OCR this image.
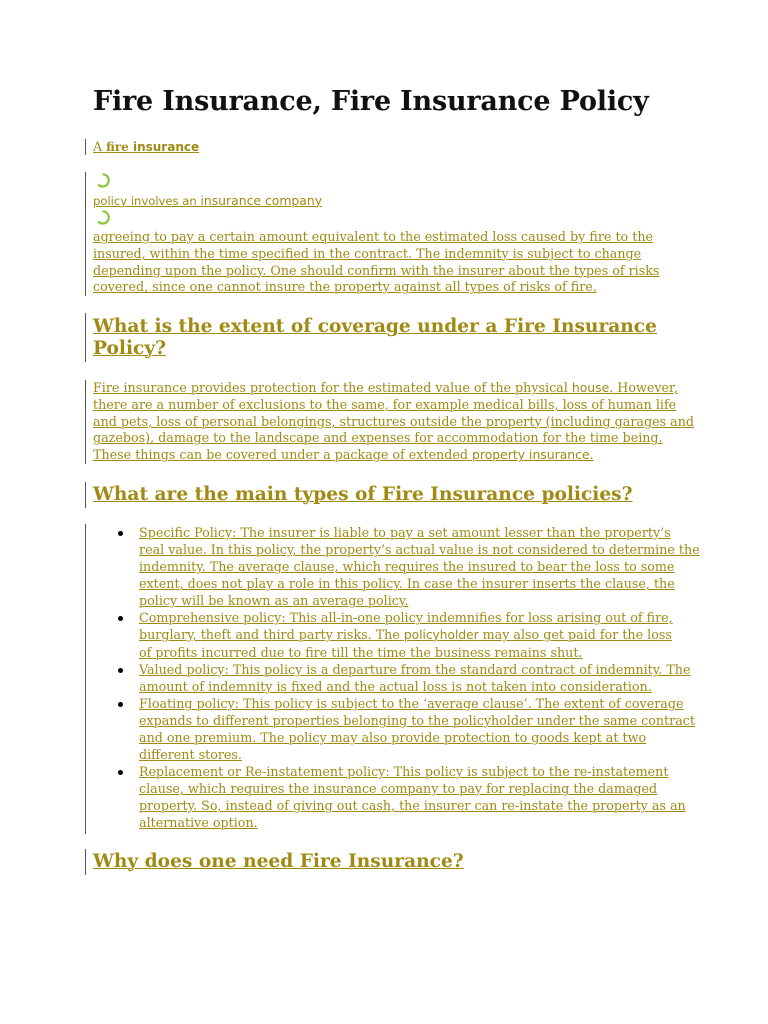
Fire Insurance, Fire Insurance Policy
A fire insurance
policy involves an insurance company

agreeing to pay a certain amount equivalent to the estimated loss caused by fire to the
insured, within the time specified in the contract. The indemnity is subject to change
depending upon the policy. One should confirm with the insurer about the types of risks
covered, since one cannot insure the property against all types of risks of fire.

What is the extent of coverage under a Fire Insurance
Policy?

Fire insurance provides protection for the estimated value of the physical house. However,
there are a number of exclusions to the same, for example medical bills, loss of human life
and pets, loss of personal belongings, structures outside the property (including garages and
gazebos), damage to the landscape and expenses for accommodation for the time being.
These things can be covered under a package of extended property insurance.

What are the main types of Fire Insurance policies?
Specific Policy: The insurer is liable to pay a set amount lesser than the property’s
real value. In this policy, the property’s actual value is not considered to determine the
indemnity. The average clause, which requires the insured to bear the loss to some
extent, does not play a role in this policy. In case the insurer inserts the clause, the
policy will be known as an average policy.
Comprehensive policy: This all-in-one policy indemnifies for loss arising out of fire,
burglary, theft and third party risks. The policyholder may also get paid for the loss
of profits incurred due to fire till the time the business remains shut.
Valued policy: This policy is a departure from the standard contract of indemnity. The
amount of indemnity is fixed and the actual loss is not taken into consideration.
Floating policy: This policy is subject to the ‘average clause’. The extent of coverage
expands to different properties belonging to the policyholder under the same contract
and one premium. The policy may also provide protection to goods kept at two
different stores.
Replacement or Re-instatement policy: This policy is subject to the re-instatement
clause, which requires the insurance company to pay for replacing the damaged
property. So, instead of giving out cash, the insurer can re-instate the property as an
alternative option.
Why does one need Fire Insurance?
